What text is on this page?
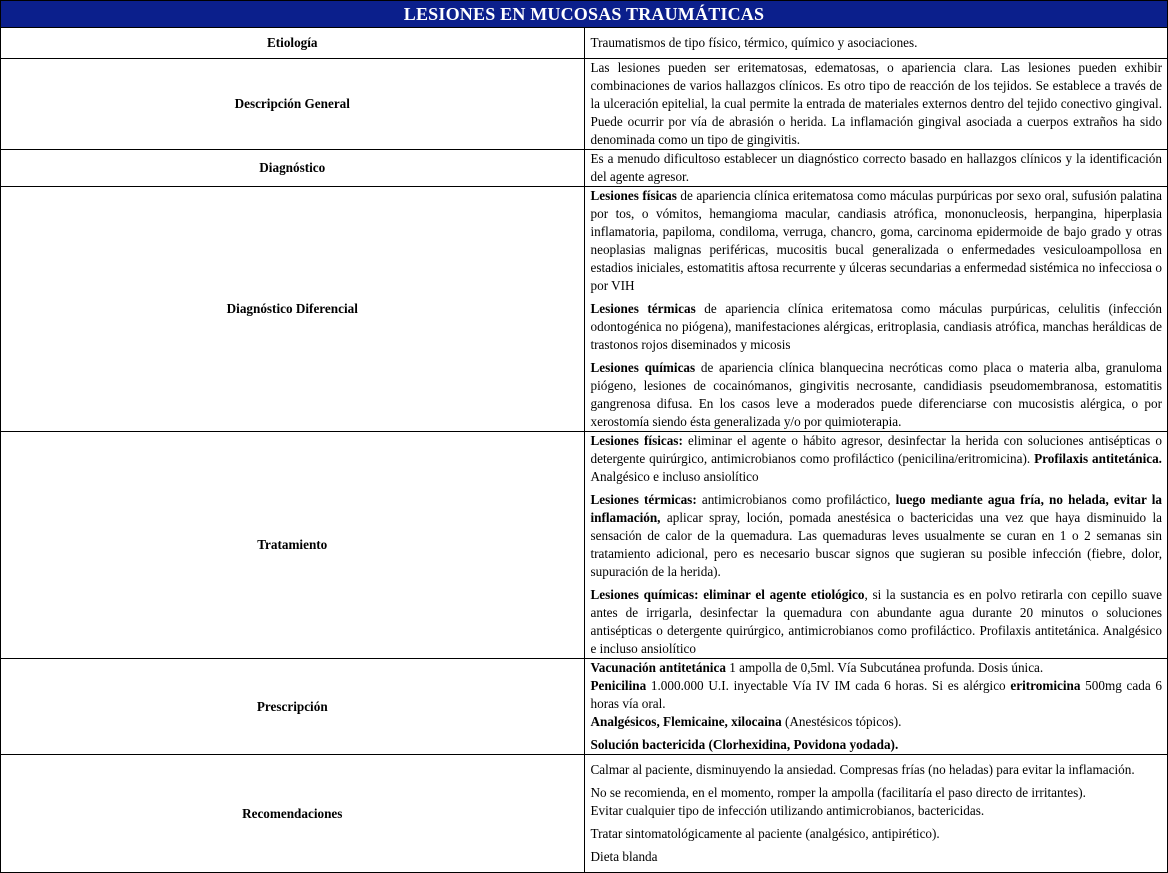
LESIONES EN MUCOSAS TRAUMÁTICAS	
Etiología	Traumatismos de tipo físico, térmico, químico y asociaciones.
Descripción General	Las lesiones pueden ser eritematosas, edematosas, o apariencia clara. Las lesiones pueden exhibir combinaciones de varios hallazgos clínicos. Es otro tipo de reacción de los tejidos. Se establece a través de la ulceración epitelial, la cual permite la entrada de materiales externos dentro del tejido conectivo gingival. Puede ocurrir por vía de abrasión o herida. La inflamación gingival asociada a cuerpos extraños ha sido denominada como un tipo de gingivitis.
Diagnóstico	Es a menudo dificultoso establecer un diagnóstico correcto basado en hallazgos clínicos y la identificación del agente agresor.
Diagnóstico Diferencial	Lesiones físicas de apariencia clínica eritematosa como máculas purpúricas por sexo oral, sufusión palatina por tos, o vómitos, hemangioma macular, candiasis atrófica, mononucleosis, herpangina, hiperplasia inflamatoria, papiloma, condiloma, verruga, chancro, goma, carcinoma epidermoide de bajo grado y otras neoplasias malignas periféricas, mucositis bucal generalizada o enfermedades vesiculoampollosa en estadios iniciales, estomatitis aftosa recurrente y úlceras secundarias a enfermedad sistémica no infecciosa o por VIH

Lesiones térmicas de apariencia clínica eritematosa como máculas purpúricas, celulitis (infección odontogénica no piógena), manifestaciones alérgicas, eritroplasia, candiasis atrófica, manchas heráldicas de trastonos rojos diseminados y micosis

Lesiones químicas de apariencia clínica blanquecina necróticas como placa o materia alba, granuloma piógeno, lesiones de cocainómanos, gingivitis necrosante, candidiasis pseudomembranosa, estomatitis gangrenosa difusa. En los casos leve a moderados puede diferenciarse con mucosistis alérgica, o por xerostomía siendo ésta generalizada y/o por quimioterapia.

Tratamiento	Lesiones físicas: eliminar el agente o hábito agresor, desinfectar la herida con soluciones antisépticas o detergente quirúrgico, antimicrobianos como profiláctico (penicilina/eritromicina). Profilaxis antitetánica. Analgésico e incluso ansiolítico

Lesiones térmicas: antimicrobianos como profiláctico, luego mediante agua fría, no helada, evitar la inflamación, aplicar spray, loción, pomada anestésica o bactericidas una vez que haya disminuido la sensación de calor de la quemadura. Las quemaduras leves usualmente se curan en 1 o 2 semanas sin tratamiento adicional, pero es necesario buscar signos que sugieran su posible infección (fiebre, dolor, supuración de la herida).

Lesiones químicas: eliminar el agente etiológico, si la sustancia es en polvo retirarla con cepillo suave antes de irrigarla, desinfectar la quemadura con abundante agua durante 20 minutos o soluciones antisépticas o detergente quirúrgico, antimicrobianos como profiláctico. Profilaxis antitetánica. Analgésico e incluso ansiolítico

Prescripción	Vacunación antitetánica 1 ampolla de 0,5ml. Vía Subcutánea profunda. Dosis única.

Penicilina 1.000.000 U.I. inyectable Vía IV IM cada 6 horas. Si es alérgico eritromicina 500mg cada 6 horas vía oral.

Analgésicos, Flemicaine, xilocaina (Anestésicos tópicos).

Solución bactericida (Clorhexidina, Povidona yodada).

Recomendaciones	Calmar al paciente, disminuyendo la ansiedad. Compresas frías (no heladas) para evitar la inflamación.

No se recomienda, en el momento, romper la ampolla (facilitaría el paso directo de irritantes).

Evitar cualquier tipo de infección utilizando antimicrobianos, bactericidas.

Tratar sintomatológicamente al paciente (analgésico, antipirético).

Dieta blanda
